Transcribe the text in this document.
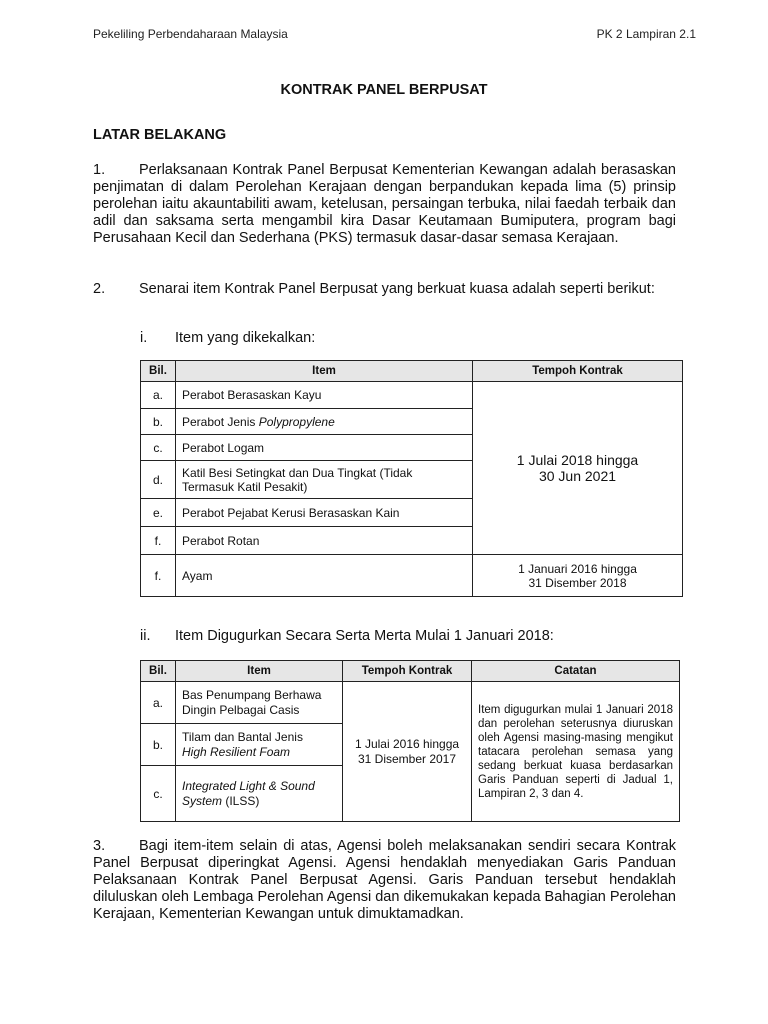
Pekeliling Perbendaharaan Malaysia	PK 2 Lampiran 2.1
KONTRAK PANEL BERPUSAT
LATAR BELAKANG
1. Perlaksanaan Kontrak Panel Berpusat Kementerian Kewangan adalah berasaskan penjimatan di dalam Perolehan Kerajaan dengan berpandukan kepada lima (5) prinsip perolehan iaitu akauntabiliti awam, ketelusan, persaingan terbuka, nilai faedah terbaik dan adil dan saksama serta mengambil kira Dasar Keutamaan Bumiputera, program bagi Perusahaan Kecil dan Sederhana (PKS) termasuk dasar-dasar semasa Kerajaan.
2. Senarai item Kontrak Panel Berpusat yang berkuat kuasa adalah seperti berikut:
i. Item yang dikekalkan:
Bil.	Item	Tempoh Kontrak
a.	Perabot Berasaskan Kayu	1 Julai 2018 hingga
30 Jun 2021

b.	Perabot Jenis Polypropylene	
c.	Perabot Logam	
d.	Katil Besi Setingkat dan Dua Tingkat (Tidak Termasuk Katil Pesakit)	
e.	Perabot Pejabat Kerusi Berasaskan Kain	
f.	Perabot Rotan	
f.	Ayam	1 Januari 2016 hingga
31 Disember 2018
ii. Item Digugurkan Secara Serta Merta Mulai 1 Januari 2018:
Bil.	Item	Tempoh Kontrak	Catatan
a.	Bas Penumpang Berhawa Dingin Pelbagai Casis	1 Julai 2016 hingga
31 Disember 2017	Item digugurkan mulai 1 Januari 2018 dan perolehan seterusnya diuruskan oleh Agensi masing-masing mengikut tatacara perolehan semasa yang sedang berkuat kuasa berdasarkan Garis Panduan seperti di Jadual 1, Lampiran 2, 3 dan 4.
b.	Tilam dan Bantal Jenis
High Resilient Foam		
c.	Integrated Light & Sound System (ILSS)		
3. Bagi item-item selain di atas, Agensi boleh melaksanakan sendiri secara Kontrak Panel Berpusat diperingkat Agensi. Agensi hendaklah menyediakan Garis Panduan Pelaksanaan Kontrak Panel Berpusat Agensi. Garis Panduan tersebut hendaklah diluluskan oleh Lembaga Perolehan Agensi dan dikemukakan kepada Bahagian Perolehan Kerajaan, Kementerian Kewangan untuk dimuktamadkan.
